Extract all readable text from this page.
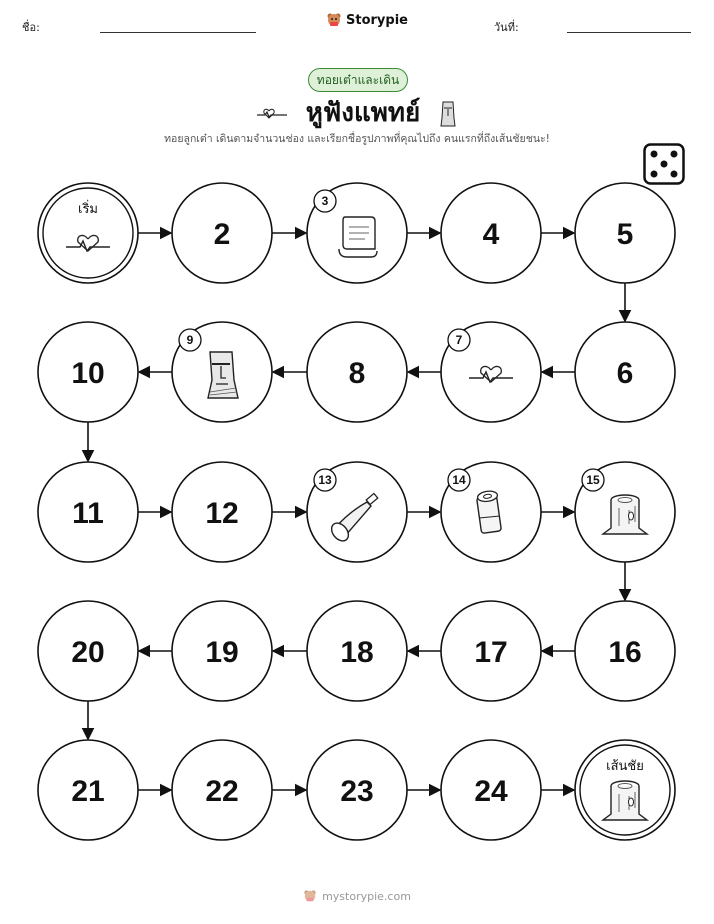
ชื่อ:	Storypie	วันที่:
ทอยเต๋าและเดิน
หูฟังแพทย์
ทอยลูกเต๋า เดินตามจำนวนช่อง และเรียกชื่อรูปภาพที่คุณไปถึง คนแรกที่ถึงเส้นชัยชนะ!
เริ่ม
2
3
4	5
6
7
8
9
10
11	12
13	14	15
16
17
18
19
20
21	22	23	24
เส้นชัย
mystorypie.com
